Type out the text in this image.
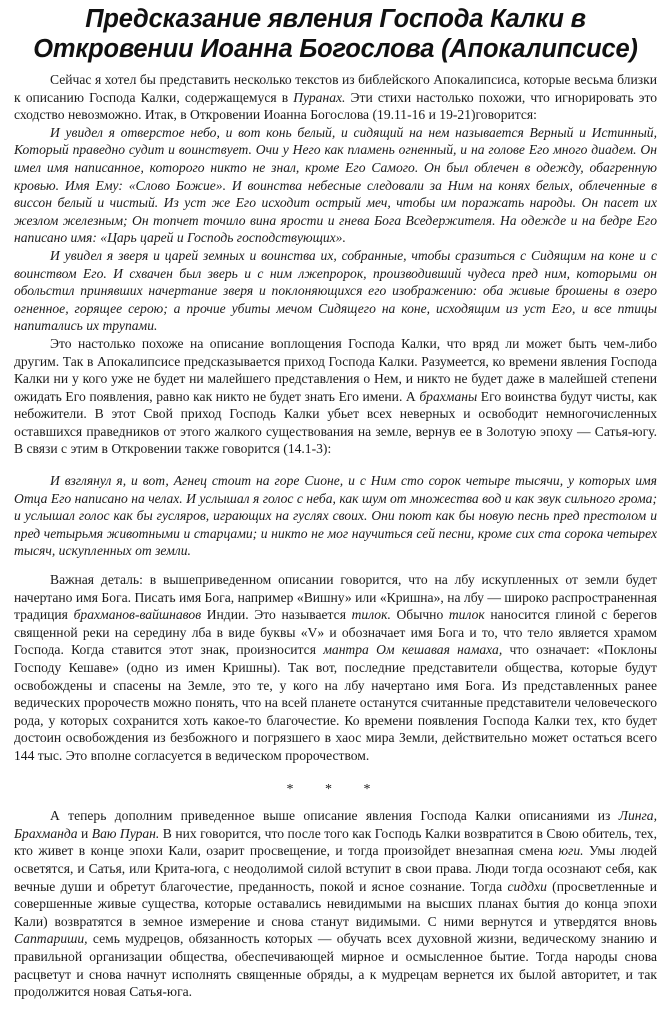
Предсказание явления Господа Калки в Откровении Иоанна Богослова (Апокалипсисе)

Сейчас я хотел бы представить несколько текстов из библейского Апокалипсиса, которые весьма близки к описанию Господа Калки, содержащемуся в Пуранах. Эти стихи настолько похожи, что игнорировать это сходство невозможно. Итак, в Откровении Иоанна Богослова (19.11-16 и 19-21)говорится:

И увидел я отверстое небо, и вот конь белый, и сидящий на нем называется Верный и Истинный, Который праведно судит и воинствует. Очи у Него как пламень огненный, и на голове Его много диадем. Он имел имя написанное, которого никто не знал, кроме Его Самого. Он был облечен в одежду, обагренную кровью. Имя Ему: «Слово Божие». И воинства небесные следовали за Ним на конях белых, облеченные в виссон белый и чистый. Из уст же Его исходит острый меч, чтобы им поражать народы. Он пасет их жезлом железным; Он топчет точило вина ярости и гнева Бога Вседержителя. На одежде и на бедре Его написано имя: «Царь царей и Господь господствующих».

И увидел я зверя и царей земных и воинства их, собранные, чтобы сразиться с Сидящим на коне и с воинством Его. И схвачен был зверь и с ним лжепророк, производивший чудеса пред ним, которыми он обольстил принявших начертание зверя и поклоняющихся его изображению: оба живые брошены в озеро огненное, горящее серою; а прочие убиты мечом Сидящего на коне, исходящим из уст Его, и все птицы напитались их трупами.

Это настолько похоже на описание воплощения Господа Калки, что вряд ли может быть чем-либо другим. Так в Апокалипсисе предсказывается приход Господа Калки. Разумеется, ко времени явления Господа Калки ни у кого уже не будет ни малейшего представления о Нем, и никто не будет даже в малейшей степени ожидать Его появления, равно как никто не будет знать Его имени. А брахманы Его воинства будут чисты, как небожители. В этот Свой приход Господь Калки убьет всех неверных и освободит немногочисленных оставшихся праведников от этого жалкого существования на земле, вернув ее в Золотую эпоху — Сатья-югу. В связи с этим в Откровении также говорится (14.1-3):

И взглянул я, и вот, Агнец стоит на горе Сионе, и с Ним сто сорок четыре тысячи, у которых имя Отца Его написано на челах. И услышал я голос с неба, как шум от множества вод и как звук сильного грома; и услышал голос как бы гусляров, играющих на гуслях своих. Они поют как бы новую песнь пред престолом и пред четырьмя животными и старцами; и никто не мог научиться сей песни, кроме сих ста сорока четырех тысяч, искупленных от земли.

Важная деталь: в вышеприведенном описании говорится, что на лбу искупленных от земли будет начертано имя Бога. Писать имя Бога, например «Вишну» или «Кришна», на лбу — широко распространенная традиция брахманов-вайшнавов Индии. Это называется тилок. Обычно тилок наносится глиной с берегов священной реки на середину лба в виде буквы «V» и обозначает имя Бога и то, что тело является храмом Господа. Когда ставится этот знак, произносится мантра Ом кешавая намаха, что означает: «Поклоны Господу Кешаве» (одно из имен Кришны). Так вот, последние представители общества, которые будут освобождены и спасены на Земле, это те, у кого на лбу начертано имя Бога. Из представленных ранее ведических пророчеств можно понять, что на всей планете останутся считанные представители человеческого рода, у которых сохранится хоть какое-то благочестие. Ко времени появления Господа Калки тех, кто будет достоин освобождения из безбожного и погрязшего в хаос мира Земли, действительно может остаться всего 144 тыс. Это вполне согласуется в ведическом пророчеством.

* * *

А теперь дополним приведенное выше описание явления Господа Калки описаниями из Линга, Брахманда и Ваю Пуран. В них говорится, что после того как Господь Калки возвратится в Свою обитель, тех, кто живет в конце эпохи Кали, озарит просвещение, и тогда произойдет внезапная смена юги. Умы людей осветятся, и Сатья, или Крита-юга, с неодолимой силой вступит в свои права. Люди тогда осознают себя, как вечные души и обретут благочестие, преданность, покой и ясное сознание. Тогда сиддхи (просветленные и совершенные живые существа, которые оставались невидимыми на высших планах бытия до конца эпохи Кали) возвратятся в земное измерение и снова станут видимыми. С ними вернутся и утвердятся вновь Саптариши, семь мудрецов, обязанность которых — обучать всех духовной жизни, ведическому знанию и правильной организации общества, обеспечивающей мирное и осмысленное бытие. Тогда народы снова расцветут и снова начнут исполнять священные обряды, а к мудрецам вернется их былой авторитет, и так продолжится новая Сатья-юга.
